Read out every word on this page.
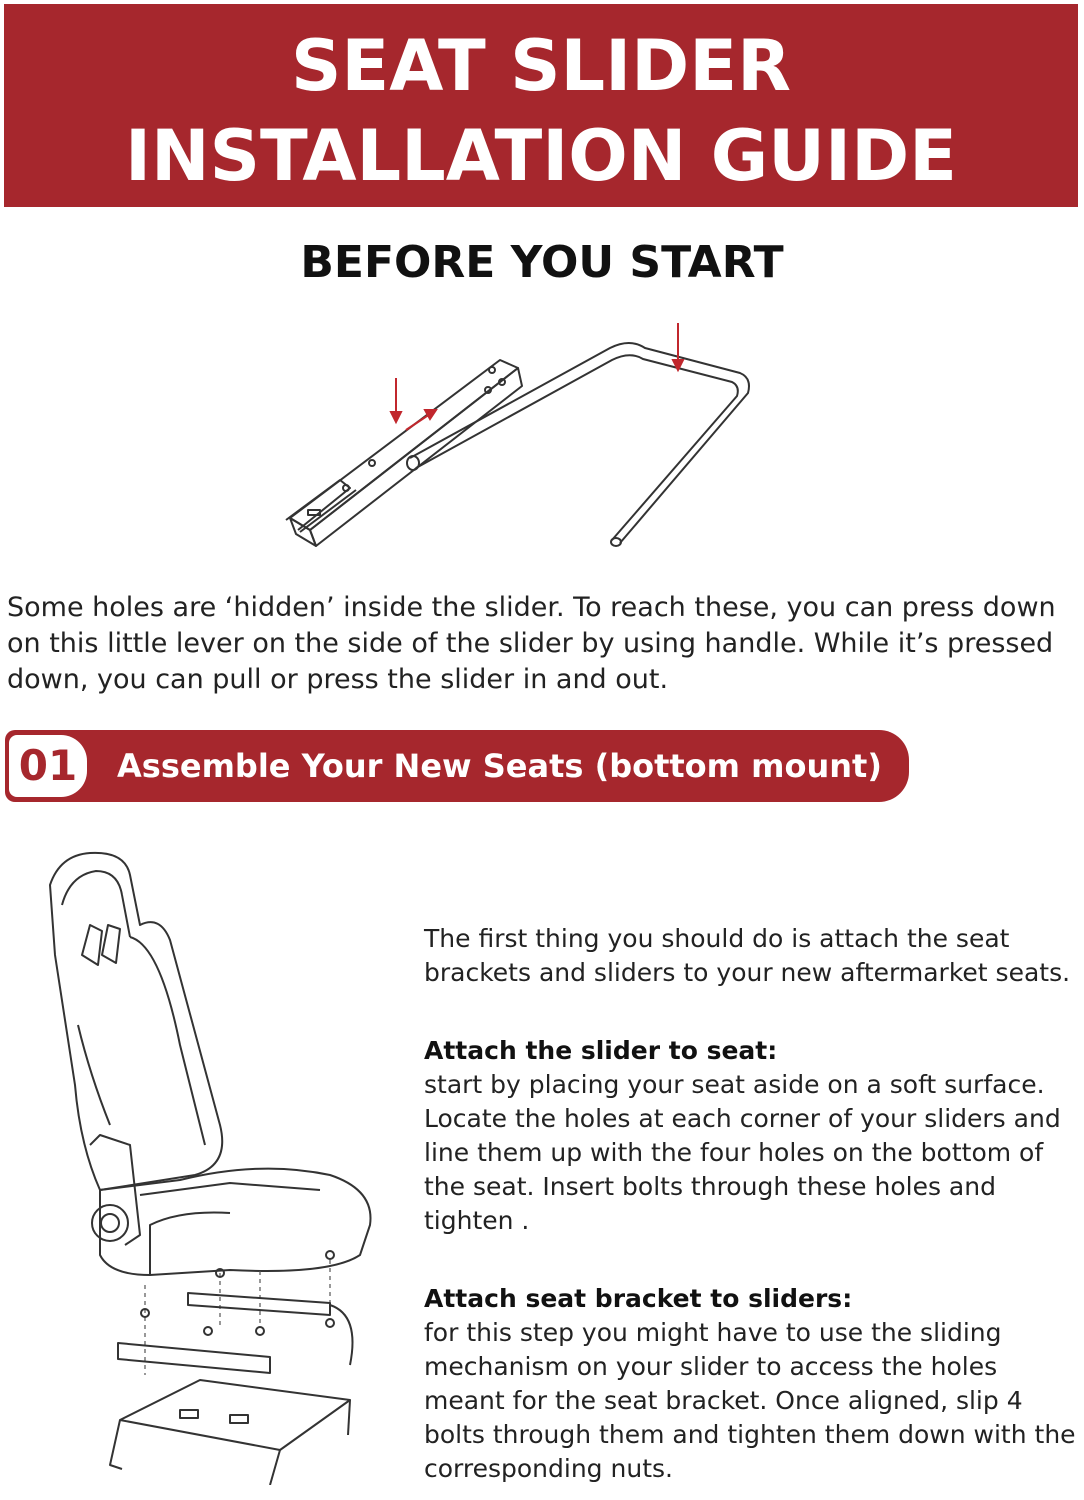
SEAT SLIDER
INSTALLATION GUIDE
BEFORE YOU START
Some holes are ‘hidden’ inside the slider. To reach these, you can press down on this little lever on the side of the slider by using handle. While it’s pressed down, you can pull or press the slider in and out.
01	Assemble Your New Seats (bottom mount)

The first thing you should do is attach the seat brackets and sliders to your new aftermarket seats.

Attach the slider to seat:

start by placing your seat aside on a soft surface. Locate the holes at each corner of your sliders and line them up with the four holes on the bottom of the seat. Insert bolts through these holes and tighten .

Attach seat bracket to sliders:

for this step you might have to use the sliding mechanism on your slider to access the holes meant for the seat bracket. Once aligned, slip 4 bolts through them and tighten them down with the corresponding nuts.
